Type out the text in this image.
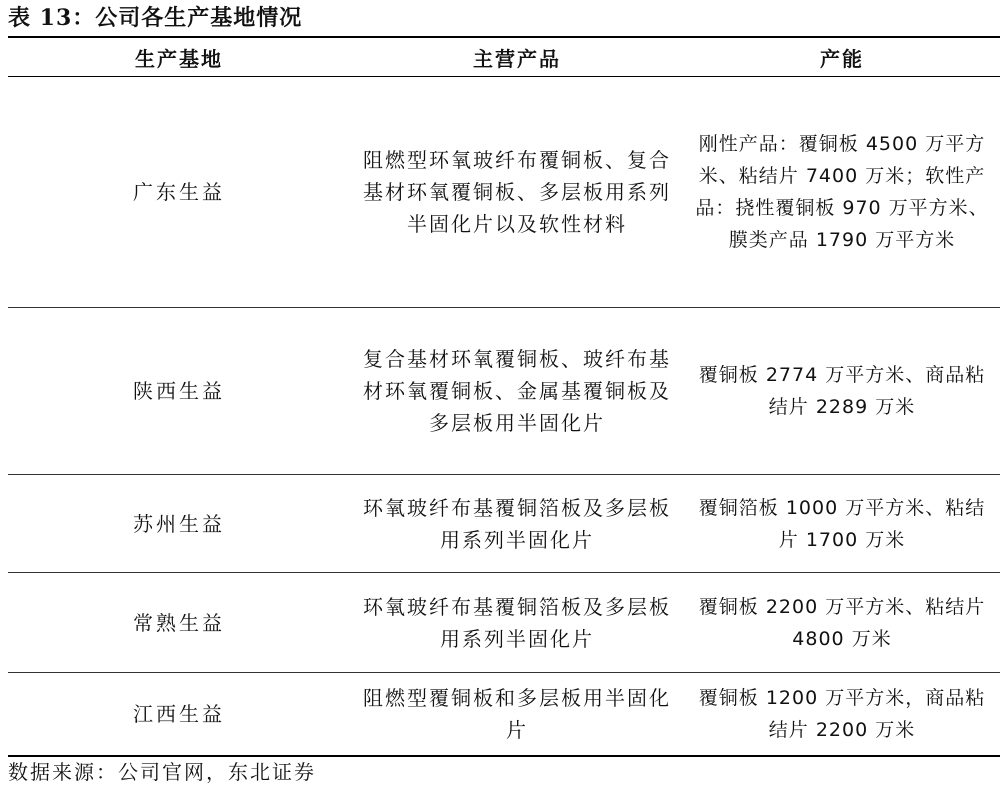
表 13：公司各生产基地情况
生产基地	主营产品	产能
广东生益	阻燃型环氧玻纤布覆铜板、复合基材环氧覆铜板、多层板用系列半固化片以及软性材料	刚性产品：覆铜板 4500 万平方米、粘结片 7400 万米；软性产品：挠性覆铜板 970 万平方米、膜类产品 1790 万平方米
陕西生益	复合基材环氧覆铜板、玻纤布基材环氧覆铜板、金属基覆铜板及多层板用半固化片	覆铜板 2774 万平方米、商品粘结片 2289 万米
苏州生益	环氧玻纤布基覆铜箔板及多层板用系列半固化片	覆铜箔板 1000 万平方米、粘结片 1700 万米
常熟生益	环氧玻纤布基覆铜箔板及多层板用系列半固化片	覆铜板 2200 万平方米、粘结片 4800 万米
江西生益	阻燃型覆铜板和多层板用半固化片	覆铜板 1200 万平方米，商品粘结片 2200 万米
数据来源：公司官网，东北证券
